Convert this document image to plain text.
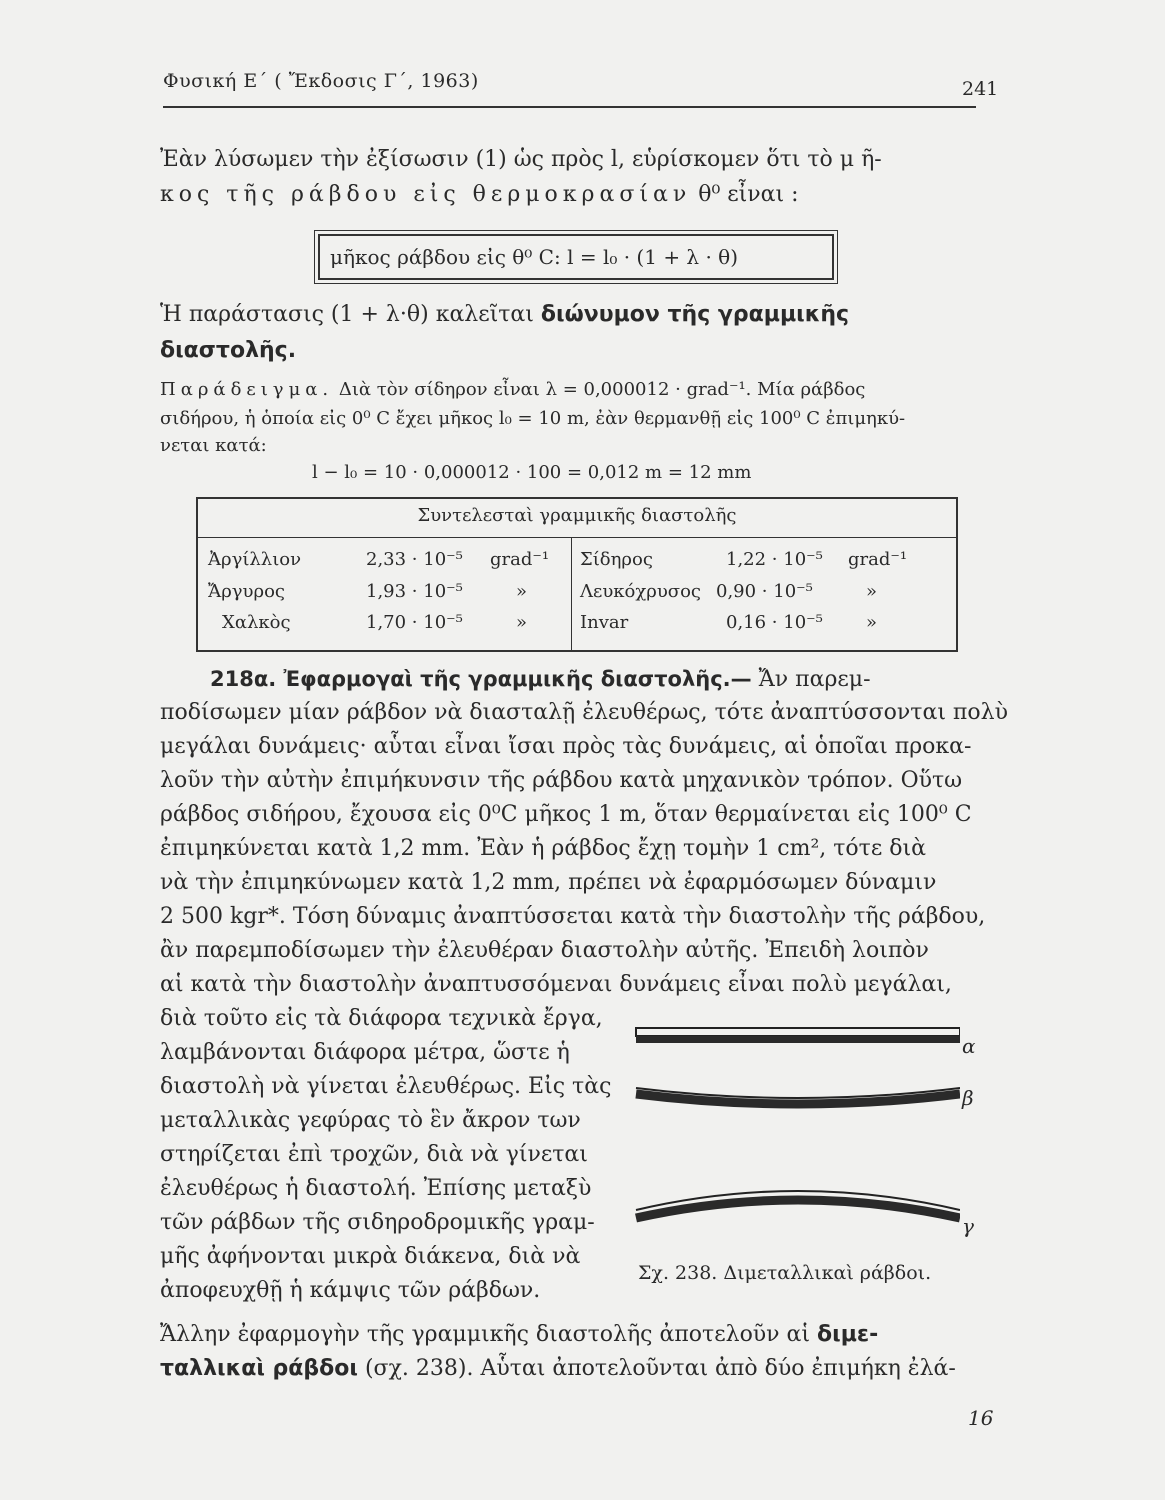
Φυσική Ε΄ ( Ἔκδοσις Γ΄, 1963)	241
Ἐὰν λύσωμεν τὴν ἐξίσωσιν (1) ὡς πρὸς l, εὑρίσκομεν ὅτι τὸ μ ῆ-
κος τῆς ράβδου εἰς θερμοκρασίαν θ⁰ εἶναι :
μῆκος ράβδου εἰς θ⁰ C: l = l₀ · (1 + λ · θ)
Ἡ παράστασις (1 + λ·θ) καλεῖται διώνυμον τῆς γραμμικῆς
διαστολῆς.
Παράδειγμα. Διὰ τὸν σίδηρον εἶναι λ = 0,000012 · grad⁻¹. Μία ράβδος
σιδήρου, ἡ ὁποία εἰς 0⁰ C ἔχει μῆκος l₀ = 10 m, ἐὰν θερμανθῇ εἰς 100⁰ C ἐπιμηκύ-
νεται κατά:
l − l₀ = 10 · 0,000012 · 100 = 0,012 m = 12 mm
Συντελεσταὶ γραμμικῆς διαστολῆς
Ἀργίλλιον	2,33 · 10⁻⁵ grad⁻¹ Σίδηρος	1,22 · 10⁻⁵ grad⁻¹
Ἄργυρος	1,93 · 10⁻⁵	»	Λευκόχρυσος 0,90 · 10⁻⁵	»
Χαλκὸς	1,70 · 10⁻⁵	»	Invar	0,16 · 10⁻⁵ »
218α. Ἐφαρμογαὶ τῆς γραμμικῆς διαστολῆς.— Ἄν παρεμ-
ποδίσωμεν μίαν ράβδον νὰ διασταλῇ ἐλευθέρως, τότε ἀναπτύσσονται πολὺ
μεγάλαι δυνάμεις· αὗται εἶναι ἴσαι πρὸς τὰς δυνάμεις, αἱ ὁποῖαι προκα-
λοῦν τὴν αὐτὴν ἐπιμήκυνσιν τῆς ράβδου κατὰ μηχανικὸν τρόπον. Οὕτω
ράβδος σιδήρου, ἔχουσα εἰς 0⁰C μῆκος 1 m, ὅταν θερμαίνεται εἰς 100⁰ C
ἐπιμηκύνεται κατὰ 1,2 mm. Ἐὰν ἡ ράβδος ἔχῃ τομὴν 1 cm², τότε διὰ
νὰ τὴν ἐπιμηκύνωμεν κατὰ 1,2 mm, πρέπει νὰ ἐφαρμόσωμεν δύναμιν
2 500 kgr*. Τόση δύναμις ἀναπτύσσεται κατὰ τὴν διαστολὴν τῆς ράβδου,
ἂν παρεμποδίσωμεν τὴν ἐλευθέραν διαστολὴν αὐτῆς. Ἐπειδὴ λοιπὸν
αἱ κατὰ τὴν διαστολὴν ἀναπτυσσόμεναι δυνάμεις εἶναι πολὺ μεγάλαι,
διὰ τοῦτο εἰς τὰ διάφορα τεχνικὰ ἔργα,
λαμβάνονται διάφορα μέτρα, ὥστε ἡ
διαστολὴ νὰ γίνεται ἐλευθέρως. Εἰς τὰς
μεταλλικὰς γεφύρας τὸ ἓν ἄκρον των
στηρίζεται ἐπὶ τροχῶν, διὰ νὰ γίνεται
ἐλευθέρως ἡ διαστολή. Ἐπίσης μεταξὺ
τῶν ράβδων τῆς σιδηροδρομικῆς γραμ-
μῆς ἀφήνονται μικρὰ διάκενα, διὰ νὰ
ἀποφευχθῇ ἡ κάμψις τῶν ράβδων.
Ἄλλην ἐφαρμογὴν τῆς γραμμικῆς διαστολῆς ἀποτελοῦν αἱ διμε-
ταλλικαὶ ράβδοι (σχ. 238). Αὗται ἀποτελοῦνται ἀπὸ δύο ἐπιμήκη ἐλά-
α
β
γ
Σχ. 238. Διμεταλλικαὶ ράβδοι.
16
